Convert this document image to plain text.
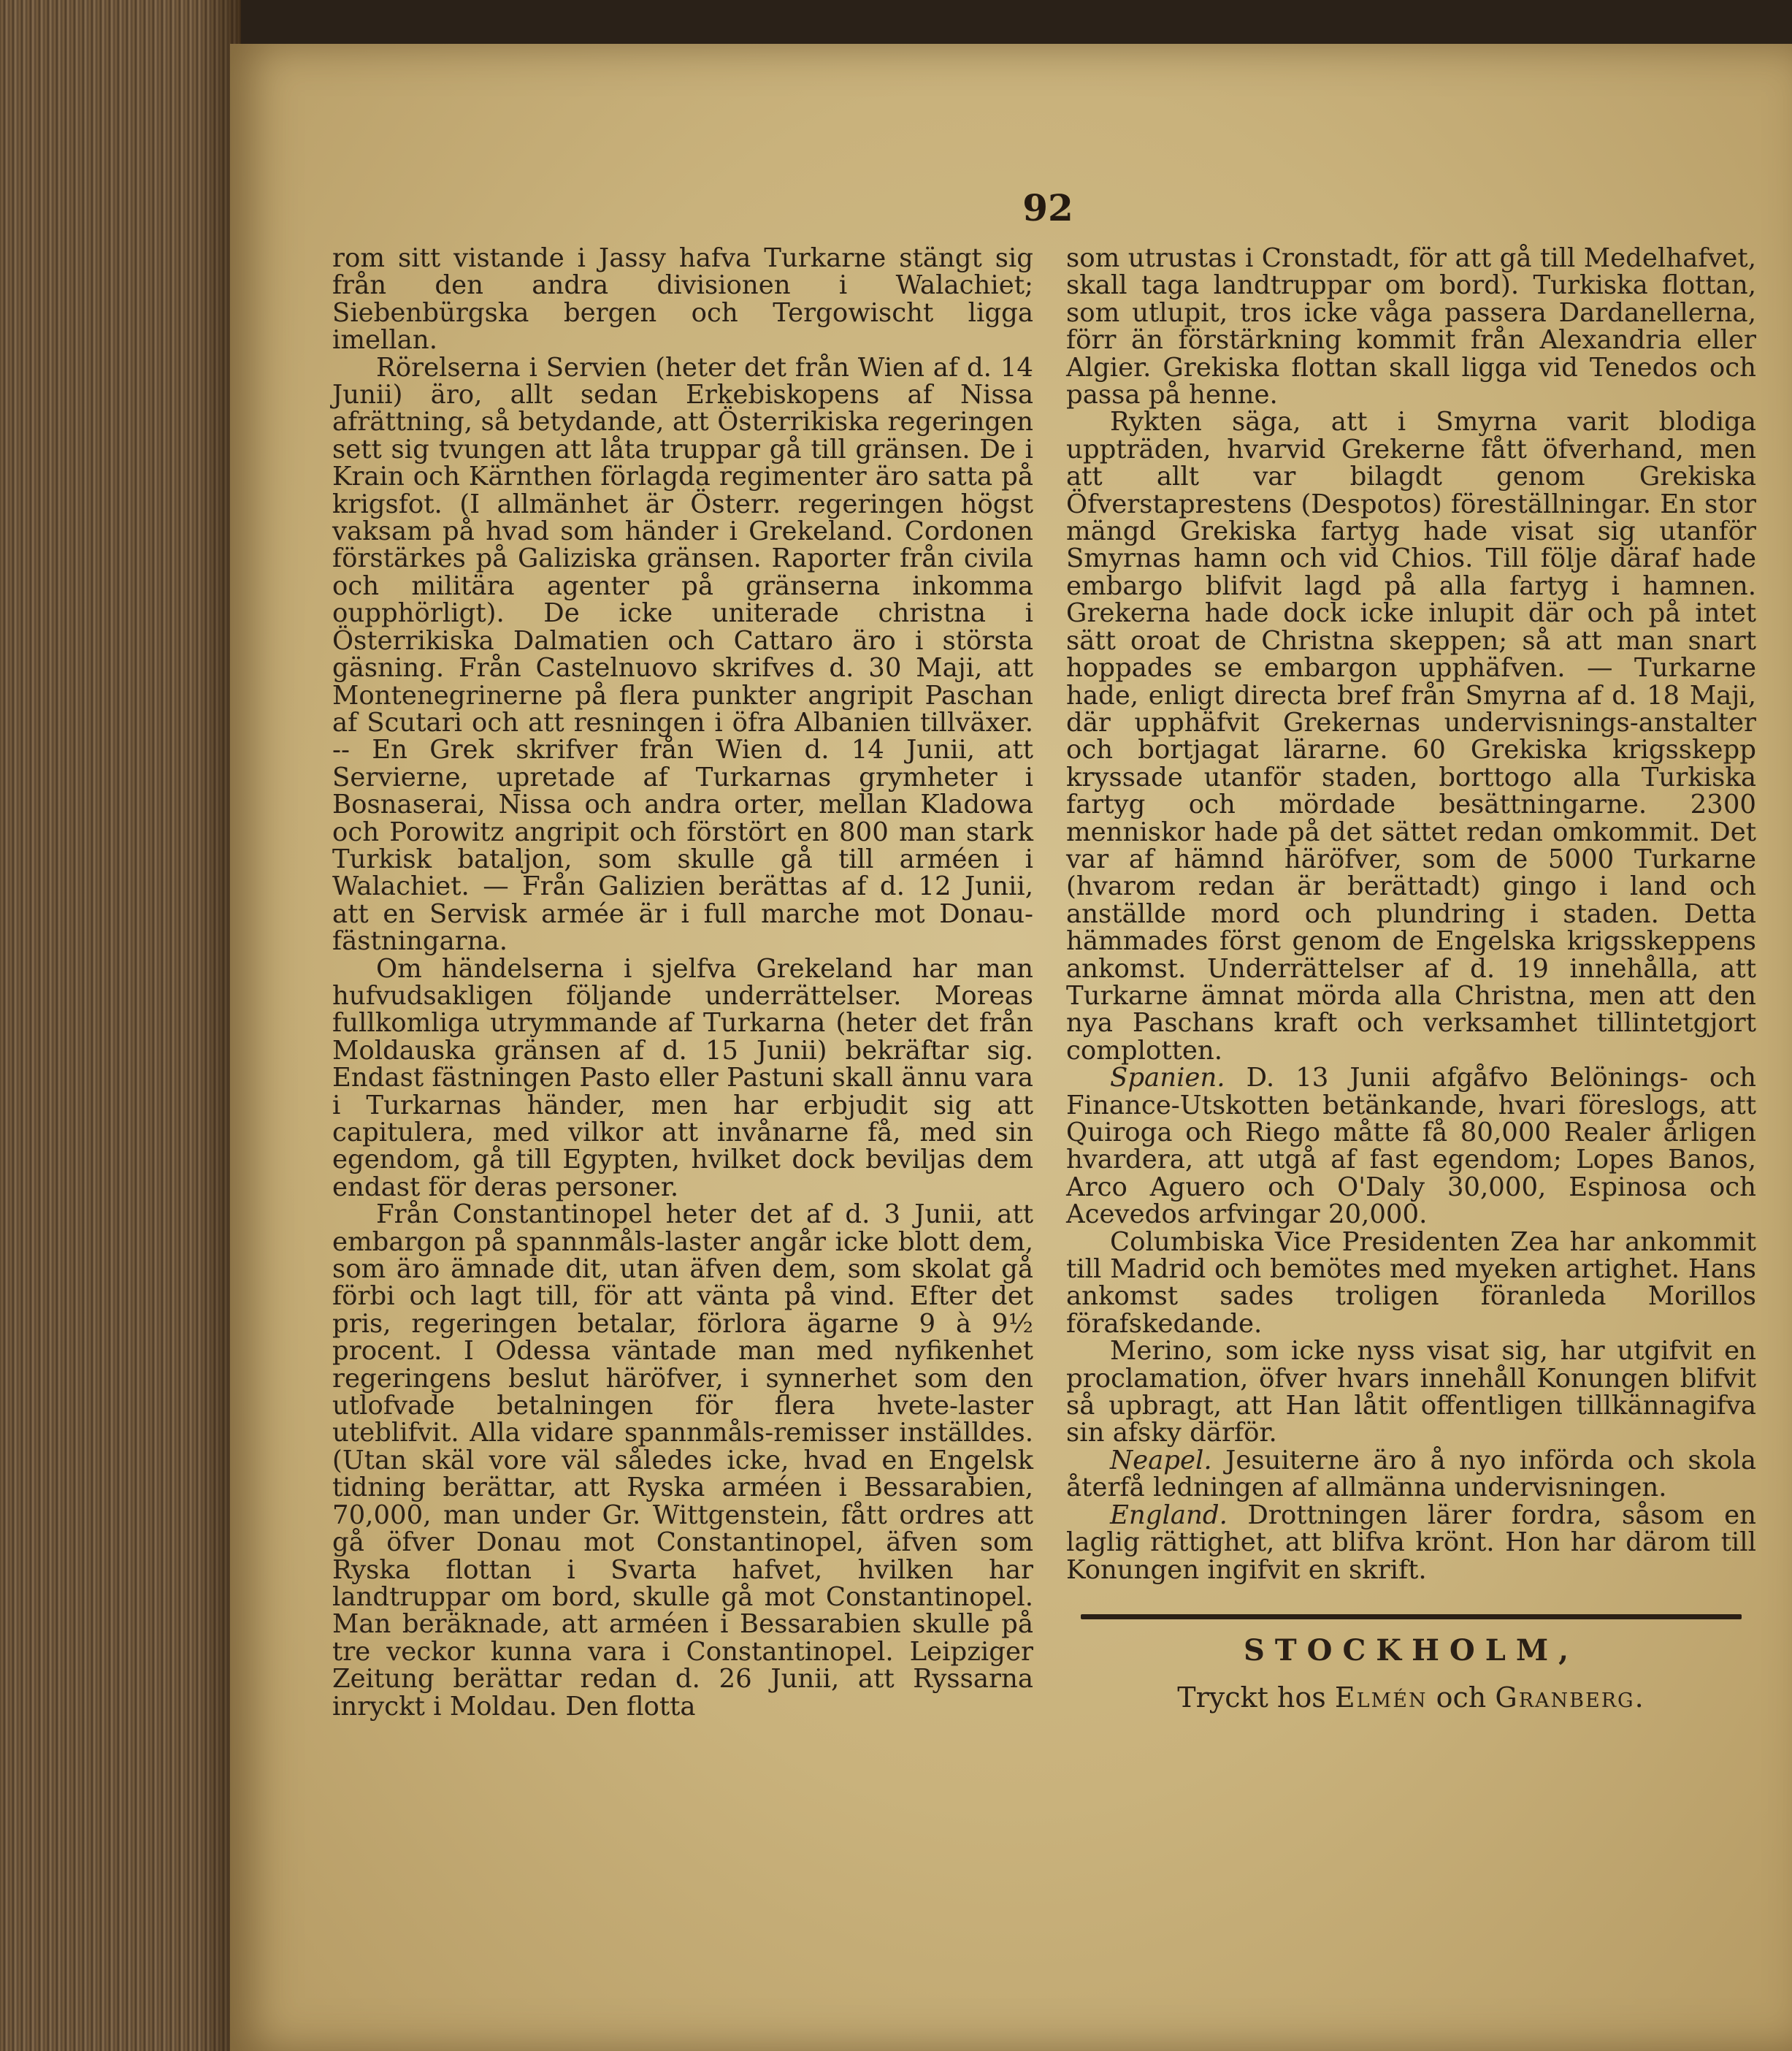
92

rom sitt vistande i Jassy hafva Turkarne stängt sig från den andra divisionen i Walachiet; Siebenbürgska bergen och Tergowischt ligga imellan.

Rörelserna i Servien (heter det från Wien af d. 14 Junii) äro, allt sedan Erkebiskopens af Nissa afrättning, så betydande, att Österrikiska regeringen sett sig tvungen att låta truppar gå till gränsen. De i Krain och Kärnthen förlagda regimenter äro satta på krigsfot. (I allmänhet är Österr. regeringen högst vaksam på hvad som händer i Grekeland. Cordonen förstärkes på Galiziska gränsen. Raporter från civila och militära agenter på gränserna inkomma oupphörligt). De icke uniterade christna i Österrikiska Dalmatien och Cattaro äro i största gäsning. Från Castelnuovo skrifves d. 30 Maji, att Montenegrinerne på flera punkter angripit Paschan af Scutari och att resningen i öfra Albanien tillväxer. -- En Grek skrifver från Wien d. 14 Junii, att Servierne, upretade af Turkarnas grymheter i Bosnaserai, Nissa och andra orter, mellan Kladowa och Porowitz angripit och förstört en 800 man stark Turkisk bataljon, som skulle gå till arméen i Walachiet. — Från Galizien berättas af d. 12 Junii, att en Servisk armée är i full marche mot Donau-fästningarna.

Om händelserna i sjelfva Grekeland har man hufvudsakligen följande underrättelser. Moreas fullkomliga utrymmande af Turkarna (heter det från Moldauska gränsen af d. 15 Junii) bekräftar sig. Endast fästningen Pasto eller Pastuni skall ännu vara i Turkarnas händer, men har erbjudit sig att capitulera, med vilkor att invånarne få, med sin egendom, gå till Egypten, hvilket dock beviljas dem endast för deras personer.

Från Constantinopel heter det af d. 3 Junii, att embargon på spannmåls-laster angår icke blott dem, som äro ämnade dit, utan äfven dem, som skolat gå förbi och lagt till, för att vänta på vind. Efter det pris, regeringen betalar, förlora ägarne 9 à 9½ procent. I Odessa väntade man med nyfikenhet regeringens beslut häröfver, i synnerhet som den utlofvade betalningen för flera hvete-laster uteblifvit. Alla vidare spannmåls-remisser inställdes. (Utan skäl vore väl således icke, hvad en Engelsk tidning berättar, att Ryska arméen i Bessarabien, 70,000, man under Gr. Wittgenstein, fått ordres att gå öfver Donau mot Constantinopel, äfven som Ryska flottan i Svarta hafvet, hvilken har landtruppar om bord, skulle gå mot Constantinopel. Man beräknade, att arméen i Bessarabien skulle på tre veckor kunna vara i Constantinopel. Leipziger Zeitung berättar redan d. 26 Junii, att Ryssarna inryckt i Moldau. Den flotta

som utrustas i Cronstadt, för att gå till Medelhafvet, skall taga landtruppar om bord). Turkiska flottan, som utlupit, tros icke våga passera Dardanellerna, förr än förstärkning kommit från Alexandria eller Algier. Grekiska flottan skall ligga vid Tenedos och passa på henne.

Rykten säga, att i Smyrna varit blodiga uppträden, hvarvid Grekerne fått öfverhand, men att allt var bilagdt genom Grekiska Öfverstaprestens (Despotos) föreställningar. En stor mängd Grekiska fartyg hade visat sig utanför Smyrnas hamn och vid Chios. Till följe däraf hade embargo blifvit lagd på alla fartyg i hamnen. Grekerna hade dock icke inlupit där och på intet sätt oroat de Christna skeppen; så att man snart hoppades se embargon upphäfven. — Turkarne hade, enligt directa bref från Smyrna af d. 18 Maji, där upphäfvit Grekernas undervisnings-anstalter och bortjagat lärarne. 60 Grekiska krigsskepp kryssade utanför staden, borttogo alla Turkiska fartyg och mördade besättningarne. 2300 menniskor hade på det sättet redan omkommit. Det var af hämnd häröfver, som de 5000 Turkarne (hvarom redan är berättadt) gingo i land och anställde mord och plundring i staden. Detta hämmades först genom de Engelska krigsskeppens ankomst. Underrättelser af d. 19 innehålla, att Turkarne ämnat mörda alla Christna, men att den nya Paschans kraft och verksamhet tillintetgjort complotten.

Spanien. D. 13 Junii afgåfvo Belönings- och Finance-Utskotten betänkande, hvari föreslogs, att Quiroga och Riego måtte få 80,000 Realer årligen hvardera, att utgå af fast egendom; Lopes Banos, Arco Aguero och O'Daly 30,000, Espinosa och Acevedos arfvingar 20,000.

Columbiska Vice Presidenten Zea har ankommit till Madrid och bemötes med myeken artighet. Hans ankomst sades troligen föranleda Morillos förafskedande.

Merino, som icke nyss visat sig, har utgifvit en proclamation, öfver hvars innehåll Konungen blifvit så upbragt, att Han låtit offentligen tillkännagifva sin afsky därför.

Neapel. Jesuiterne äro å nyo införda och skola återfå ledningen af allmänna undervisningen.

England. Drottningen lärer fordra, såsom en laglig rättighet, att blifva krönt. Hon har därom till Konungen ingifvit en skrift.

STOCKHOLM,
Tryckt hos Elmén och Granberg.
